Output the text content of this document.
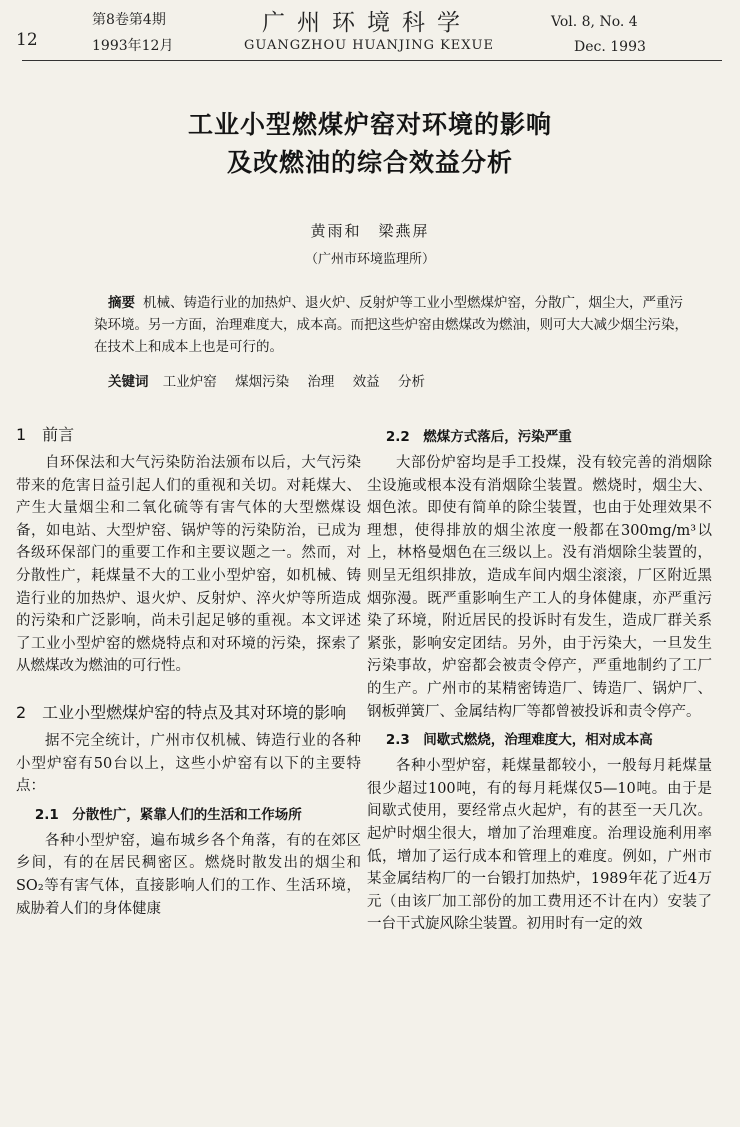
12
第8卷第4期
1993年12月
广州环境科学
GUANGZHOU HUANJING KEXUE
Vol. 8, No. 4
Dec. 1993
工业小型燃煤炉窑对环境的影响
及改燃油的综合效益分析
黄雨和　梁燕屏
（广州市环境监理所）
摘要 机械、铸造行业的加热炉、退火炉、反射炉等工业小型燃煤炉窑，分散广，烟尘大，严重污染环境。另一方面，治理难度大，成本高。而把这些炉窑由燃煤改为燃油，则可大大减少烟尘污染，在技术上和成本上也是可行的。
关键词 工业炉窑 煤烟污染 治理 效益 分析
1　前言

自环保法和大气污染防治法颁布以后，大气污染带来的危害日益引起人们的重视和关切。对耗煤大、产生大量烟尘和二氧化硫等有害气体的大型燃煤设备，如电站、大型炉窑、锅炉等的污染防治，已成为各级环保部门的重要工作和主要议题之一。然而，对分散性广，耗煤量不大的工业小型炉窑，如机械、铸造行业的加热炉、退火炉、反射炉、淬火炉等所造成的污染和广泛影响，尚未引起足够的重视。本文评述了工业小型炉窑的燃烧特点和对环境的污染，探索了从燃煤改为燃油的可行性。

2　工业小型燃煤炉窑的特点及其对环境的影响

据不完全统计，广州市仅机械、铸造行业的各种小型炉窑有50台以上，这些小炉窑有以下的主要特点：

2.1　分散性广，紧靠人们的生活和工作场所

各种小型炉窑，遍布城乡各个角落，有的在郊区乡间，有的在居民稠密区。燃烧时散发出的烟尘和SO₂等有害气体，直接影响人们的工作、生活环境，威胁着人们的身体健康

2.2　燃煤方式落后，污染严重

大部份炉窑均是手工投煤，没有较完善的消烟除尘设施或根本没有消烟除尘装置。燃烧时，烟尘大、烟色浓。即使有简单的除尘装置，也由于处理效果不理想，使得排放的烟尘浓度一般都在300mg/m³以上，林格曼烟色在三级以上。没有消烟除尘装置的，则呈无组织排放，造成车间内烟尘滚滚，厂区附近黑烟弥漫。既严重影响生产工人的身体健康，亦严重污染了环境，附近居民的投诉时有发生，造成厂群关系紧张，影响安定团结。另外，由于污染大，一旦发生污染事故，炉窑都会被责令停产，严重地制约了工厂的生产。广州市的某精密铸造厂、铸造厂、锅炉厂、钢板弹簧厂、金属结构厂等都曾被投诉和责令停产。

2.3　间歇式燃烧，治理难度大，相对成本高

各种小型炉窑，耗煤量都较小，一般每月耗煤量很少超过100吨，有的每月耗煤仅5—10吨。由于是间歇式使用，要经常点火起炉，有的甚至一天几次。起炉时烟尘很大，增加了治理难度。治理设施利用率低，增加了运行成本和管理上的难度。例如，广州市某金属结构厂的一台锻打加热炉，1989年花了近4万元（由该厂加工部份的加工费用还不计在内）安装了一台干式旋风除尘装置。初用时有一定的效
